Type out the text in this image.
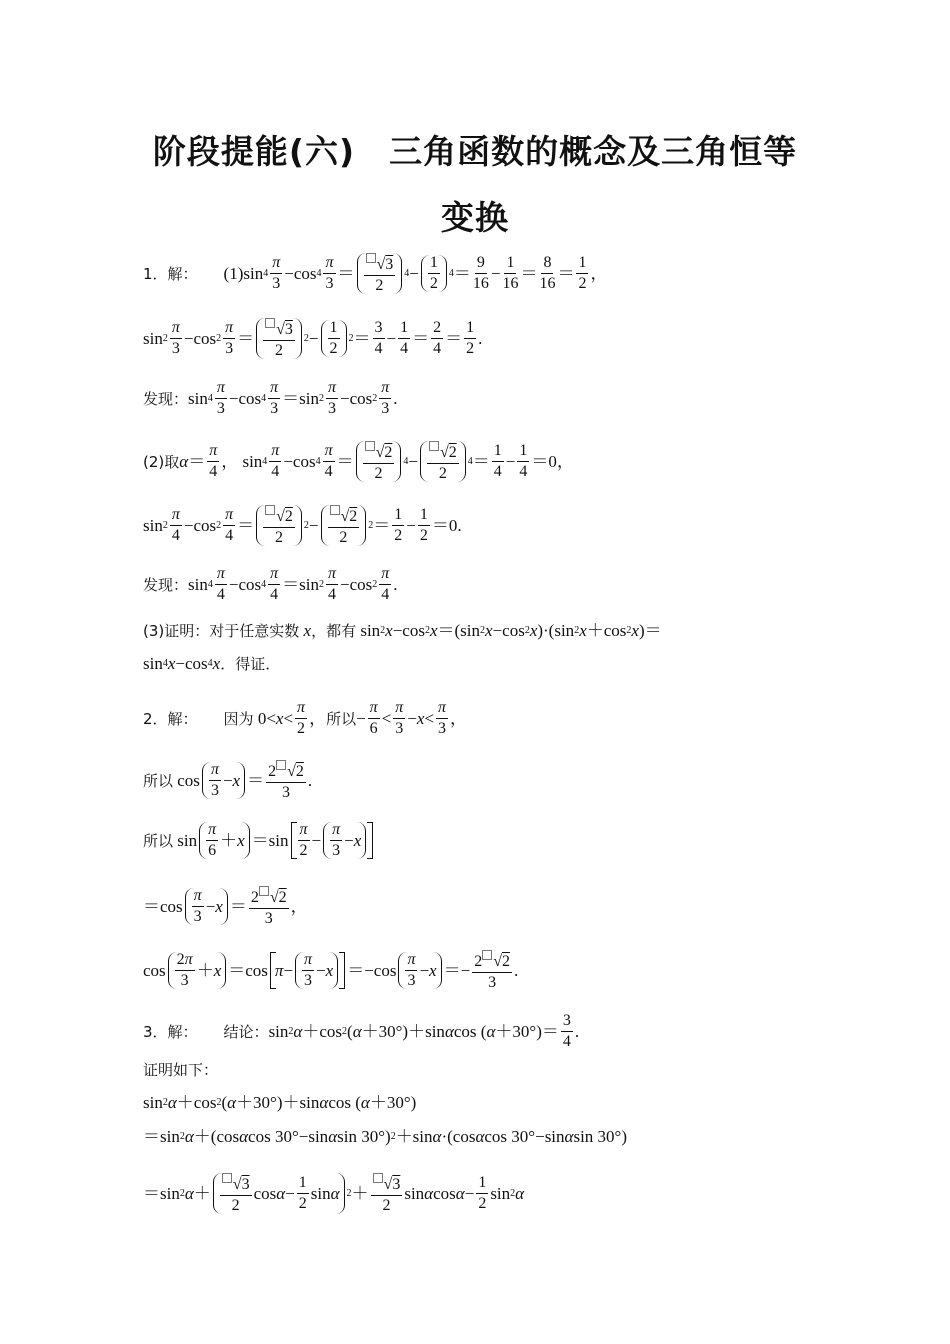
阶段提能(六)　三角函数的概念及三角恒等
变换
1．解： (1) $\sin 4 \frac{\pi}{3} -\cos$ $4 \frac{\pi}{3} = \frac{√3}{2} 4 - \frac{1}{2} 4 = \frac{9}{16} - \frac{1}{16} = \frac{8}{16} = \frac{1}{2}$ ，
$\sin 2 \frac{\pi}{3} -\cos$ $2 \frac{\pi}{3} = \frac{√3}{2} 2 - \frac{1}{2} 2 = \frac{3}{4} - \frac{1}{4} = \frac{2}{4} = \frac{1}{2}$ .
发现： $\sin 4 \frac{\pi}{3} -\cos$ $4 \frac{\pi}{3} =\sin$ $2 \frac{\pi}{3} -\cos$ $2 \frac{\pi}{3}$ .
(2)取 $\alpha = \frac{\pi}{4}$ ， $\sin 4 \frac{\pi}{4} -\cos$ $4 \frac{\pi}{4} = \frac{√2}{2} 4 - \frac{√2}{2} 4 = \frac{1}{4} - \frac{1}{4} =0$，
$\sin 2 \frac{\pi}{4} -\cos$ $2 \frac{\pi}{4} = \frac{√2}{2} 2 - \frac{√2}{2} 2 = \frac{1}{2} - \frac{1}{2} =0$.
发现： $\sin 4 \frac{\pi}{4} -\cos$ $4 \frac{\pi}{4} =\sin$ $2 \frac{\pi}{4} -\cos$ $2 \frac{\pi}{4}$ .
(3)证明： 对于任意实数
x ，都有 sin 2 x −cos 2 x ＝(sin 2 x −cos 2 x )·(sin 2 x ＋cos 2 x )＝
sin 4 x −cos 4 x ．得证．
2．解： 因为 $0< x < \frac{\pi}{2}$ ， 所以 − $\frac{\pi}{6} < \frac{\pi}{3} - x < \frac{\pi}{3}$ ，
所以 $\cos \frac{\pi}{3} - x = \frac{2 √2}{3}$ .
所以 $\sin \frac{\pi}{6} + x =\sin \frac{\pi}{2} - \frac{\pi}{3} - x$
$=\cos \frac{\pi}{3} - x = \frac{2 √2}{3}$ ，
$\cos \frac{2\pi}{3} + x =\cos$ $\pi - \frac{\pi}{3} - x =-\cos \frac{\pi}{3} - x =- \frac{2 √2}{3}$ .
3．解： 结论： sin 2 α ＋cos 2 ( α ＋30°)＋sin α cos ( $\alpha +30^\circ)= \frac{3}{4}$ .
证明如下：
sin 2 α ＋cos 2 ( α ＋30°)＋sin α cos ( α ＋30°)
＝sin 2 α ＋(cos α cos 30°−sin α sin 30°) 2 ＋sin α ·(cos α cos 30°−sin α sin 30°)
＝sin 2 $\alpha + \frac{√3}{2}$ $\cos \alpha - \frac{1}{2}$ sin α $2 + \frac{√3}{2}$ sin α $\cos \alpha - \frac{1}{2}$ sin 2 α
